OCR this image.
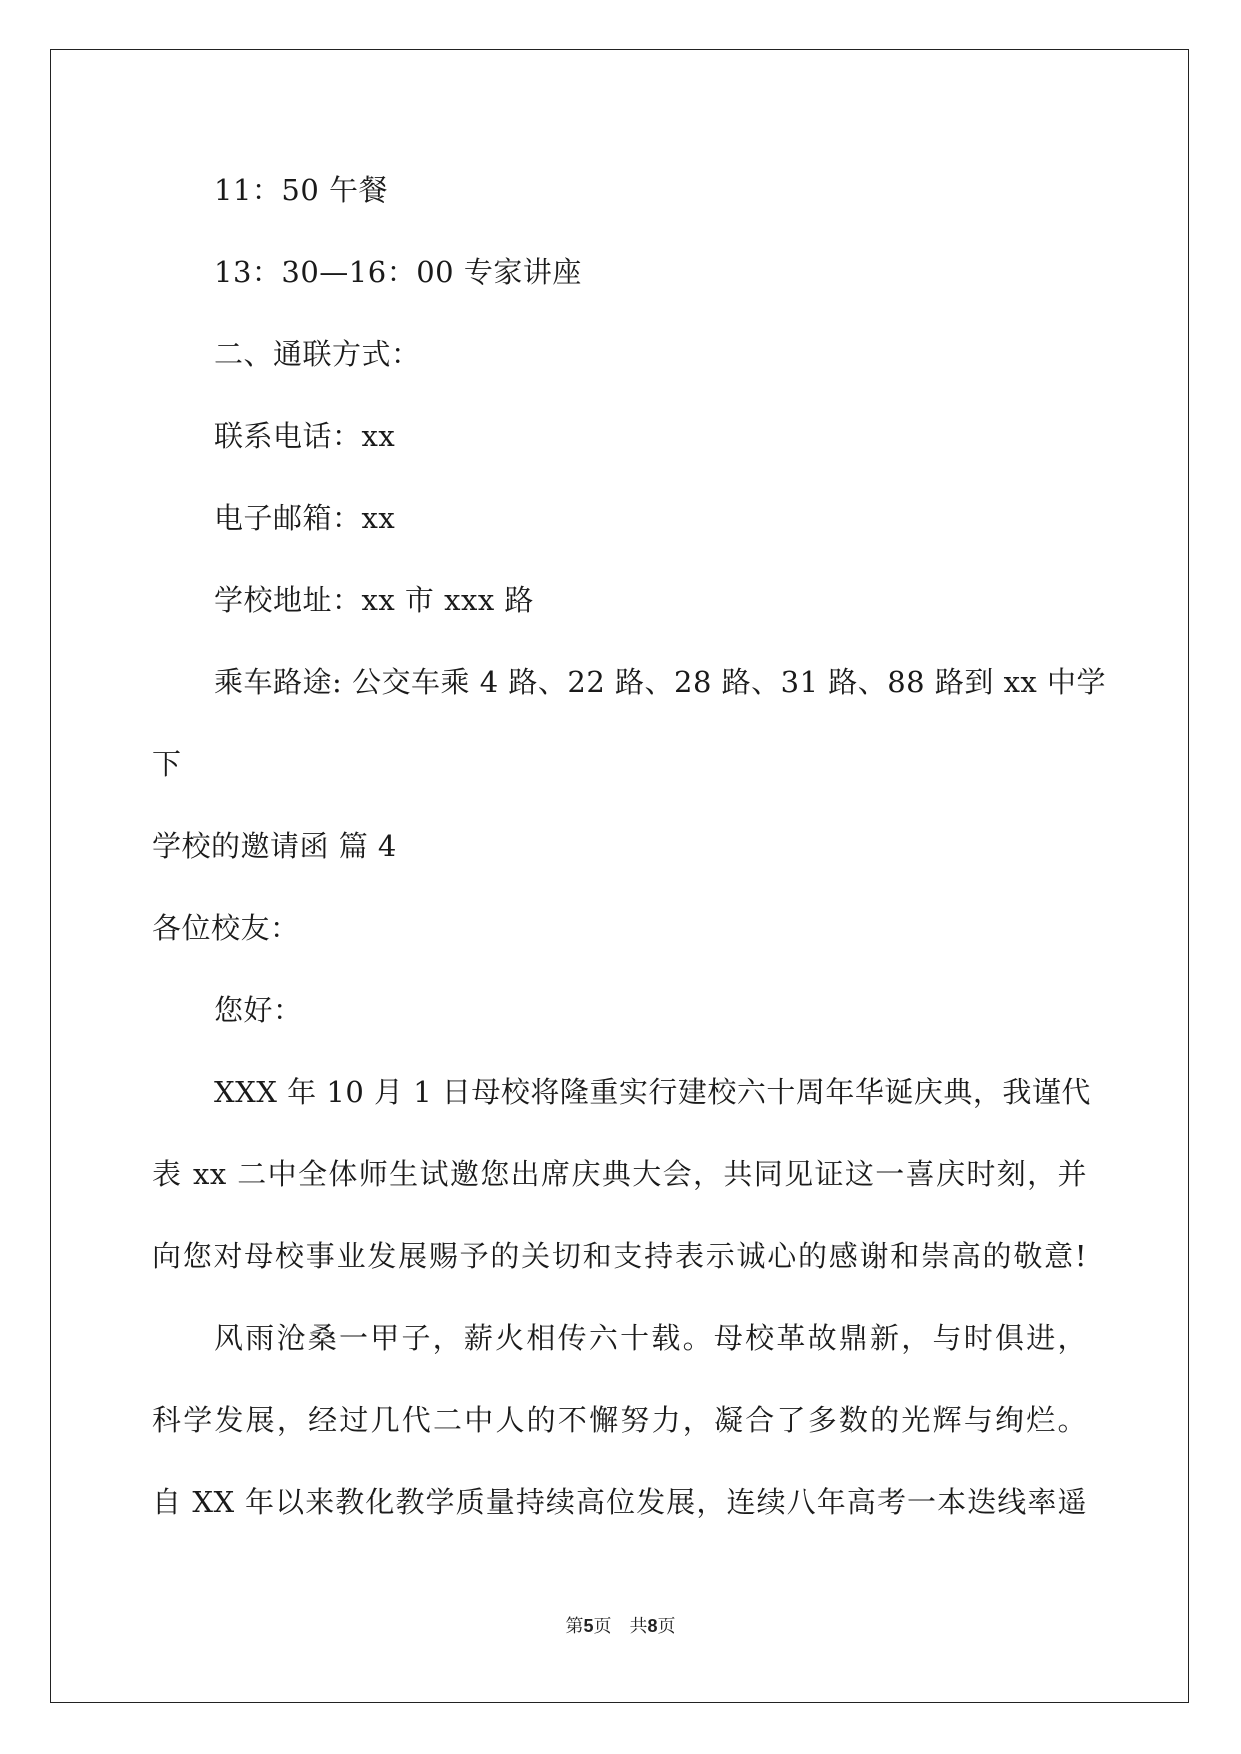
11：50 午餐
13：30—16：00 专家讲座
二、通联方式：
联系电话：xx
电子邮箱：xx
学校地址：xx 市 xxx 路
乘车路途: 公交车乘 4 路、22 路、28 路、31 路、88 路到 xx 中学
下
学校的邀请函 篇 4
各位校友：
您好：
XXX 年 10 月 1 日母校将隆重实行建校六十周年华诞庆典，我谨代
表 xx 二中全体师生试邀您出席庆典大会，共同见证这一喜庆时刻，并
向您对母校事业发展赐予的关切和支持表示诚心的感谢和崇高的敬意!
风雨沧桑一甲子，薪火相传六十载。母校革故鼎新，与时俱进，
科学发展，经过几代二中人的不懈努力，凝合了多数的光辉与绚烂。
自 XX 年以来教化教学质量持续高位发展，连续八年高考一本迭线率遥
第5页　共8页
